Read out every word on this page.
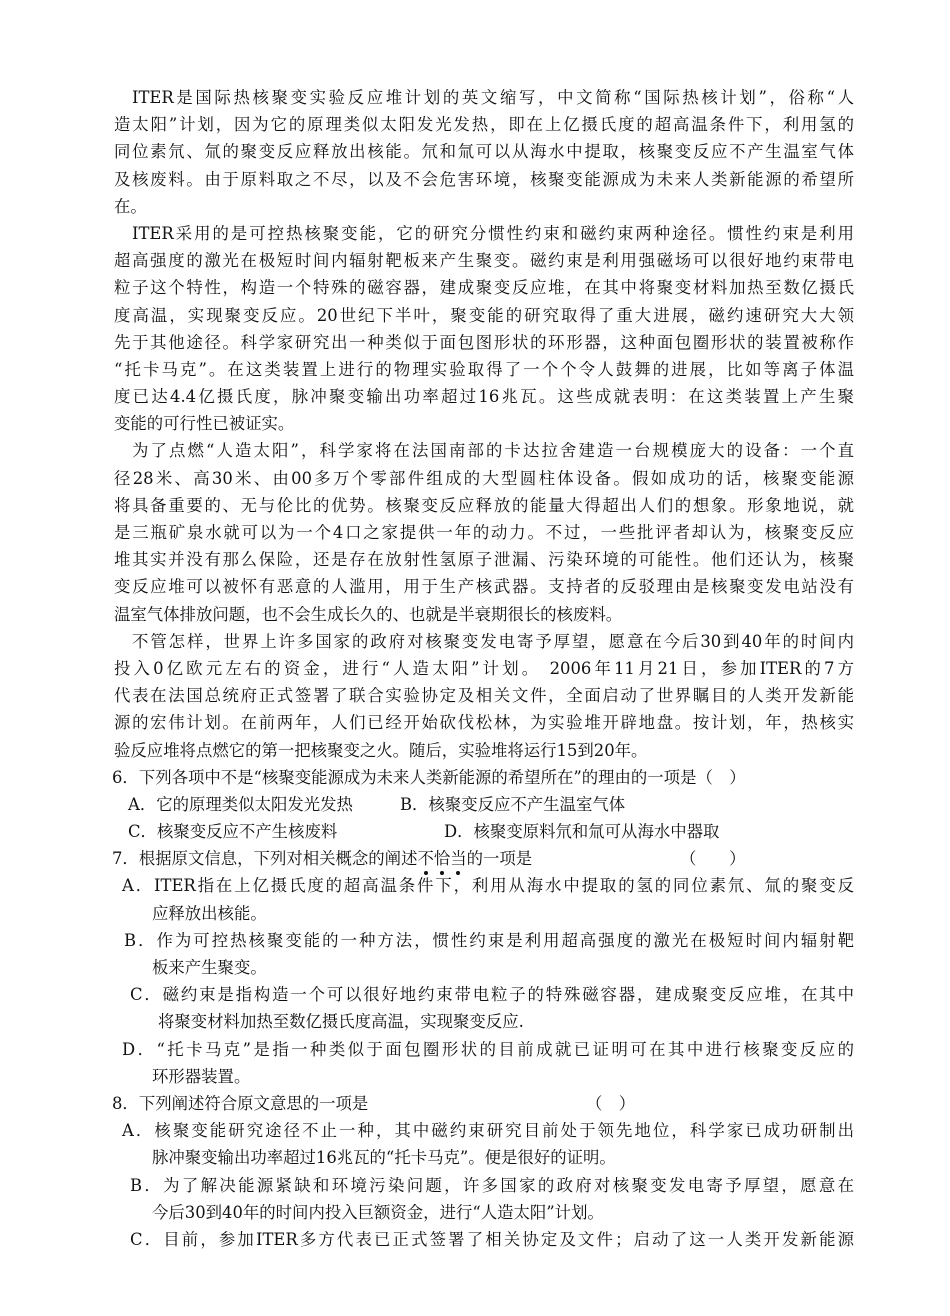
ITER是国际热核聚变实验反应堆计划的英文缩写，中文简称“国际热核计划”，俗称“人
造太阳”计划，因为它的原理类似太阳发光发热，即在上亿摄氏度的超高温条件下，利用氢的
同位素氘、氚的聚变反应释放出核能。氘和氚可以从海水中提取，核聚变反应不产生温室气体
及核废料。由于原料取之不尽，以及不会危害环境，核聚变能源成为未来人类新能源的希望所
在。
ITER采用的是可控热核聚变能，它的研究分惯性约束和磁约束两种途径。惯性约束是利用
超高强度的激光在极短时间内辐射靶板来产生聚变。磁约束是利用强磁场可以很好地约束带电
粒子这个特性，构造一个特殊的磁容器，建成聚变反应堆，在其中将聚变材料加热至数亿摄氏
度高温，实现聚变反应。20世纪下半叶，聚变能的研究取得了重大进展，磁约速研究大大领
先于其他途径。科学家研究出一种类似于面包图形状的环形器，这种面包圈形状的装置被称作
“托卡马克”。在这类装置上进行的物理实验取得了一个个令人鼓舞的进展，比如等离子体温
度已达4.4亿摄氏度，脉冲聚变输出功率超过16兆瓦。这些成就表明：在这类装置上产生聚
变能的可行性已被证实。
为了点燃“人造太阳”，科学家将在法国南部的卡达拉舍建造一台规模庞大的设备：一个直
径28米、高30米、由00多万个零部件组成的大型圆柱体设备。假如成功的话，核聚变能源
将具备重要的、无与伦比的优势。核聚变反应释放的能量大得超出人们的想象。形象地说，就
是三瓶矿泉水就可以为一个4口之家提供一年的动力。不过，一些批评者却认为，核聚变反应
堆其实并没有那么保险，还是存在放射性氢原子泄漏、污染环境的可能性。他们还认为，核聚
变反应堆可以被怀有恶意的人滥用，用于生产核武器。支持者的反驳理由是核聚变发电站没有
温室气体排放问题，也不会生成长久的、也就是半衰期很长的核废料。
不管怎样，世界上许多国家的政府对核聚变发电寄予厚望，愿意在今后30到40年的时间内
投入0亿欧元左右的资金，进行“人造太阳”计划。 2006年11月21日，参加ITER的7方
代表在法国总统府正式签署了联合实验协定及相关文件，全面启动了世界瞩目的人类开发新能
源的宏伟计划。在前两年，人们已经开始砍伐松林，为实验堆开辟地盘。按计划，年，热核实
验反应堆将点燃它的第一把核聚变之火。随后，实验堆将运行15到20年。
6．下列各项中不是“核聚变能源成为未来人类新能源的希望所在”的理由的一项是（　）
A．它的原理类似太阳发光发热	B．核聚变反应不产生温室气体
C．核聚变反应不产生核废料	D．核聚变原料氘和氚可从海水中器取
7．根据原文信息，下列对相关概念的阐述不恰当的一项是	（　　）
A．ITER指在上亿摄氏度的超高温条件下，利用从海水中提取的氢的同位素氘、氚的聚变反
应释放出核能。
B．作为可控热核聚变能的一种方法，惯性约束是利用超高强度的激光在极短时间内辐射靶
板来产生聚变。
C．磁约束是指构造一个可以很好地约束带电粒子的特殊磁容器，建成聚变反应堆，在其中
将聚变材料加热至数亿摄氏度高温，实现聚变反应.
D．“托卡马克”是指一种类似于面包圈形状的目前成就已证明可在其中进行核聚变反应的
环形器装置。
8．下列阐述符合原文意思的一项是	（　）
A．核聚变能研究途径不止一种，其中磁约束研究目前处于领先地位，科学家已成功研制出
脉冲聚变输出功率超过16兆瓦的“托卡马克”。便是很好的证明。
B．为了解决能源紧缺和环境污染问题，许多国家的政府对核聚变发电寄予厚望，愿意在
今后30到40年的时间内投入巨额资金，进行“人造太阳”计划。
C．目前，参加ITER多方代表已正式签署了相关协定及文件；启动了这一人类开发新能源
